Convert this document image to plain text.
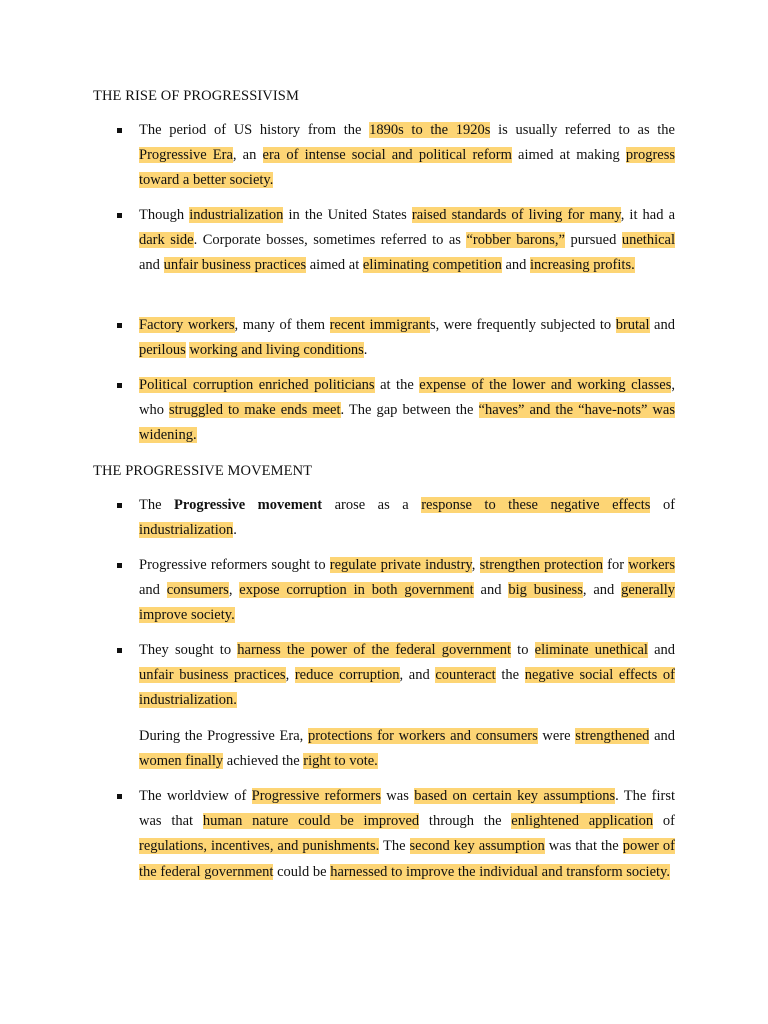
THE RISE OF PROGRESSIVISM

The period of US history from the 1890s to the 1920s is usually referred to as the Progressive Era, an era of intense social and political reform aimed at making progress toward a better society.

Though industrialization in the United States raised standards of living for many, it had a dark side. Corporate bosses, sometimes referred to as “robber barons,” pursued unethical and unfair business practices aimed at eliminating competition and increasing profits.

Factory workers, many of them recent immigrants, were frequently subjected to brutal and perilous working and living conditions.

Political corruption enriched politicians at the expense of the lower and working classes, who struggled to make ends meet. The gap between the “haves” and the “have-nots” was widening.

THE PROGRESSIVE MOVEMENT

The Progressive movement arose as a response to these negative effects of industrialization.

Progressive reformers sought to regulate private industry, strengthen protection for workers and consumers, expose corruption in both government and big business, and generally improve society.

They sought to harness the power of the federal government to eliminate unethical and unfair business practices, reduce corruption, and counteract the negative social effects of industrialization.

During the Progressive Era, protections for workers and consumers were strengthened and women finally achieved the right to vote.

The worldview of Progressive reformers was based on certain key assumptions. The first was that human nature could be improved through the enlightened application of regulations, incentives, and punishments. The second key assumption was that the power of the federal government could be harnessed to improve the individual and transform society.
